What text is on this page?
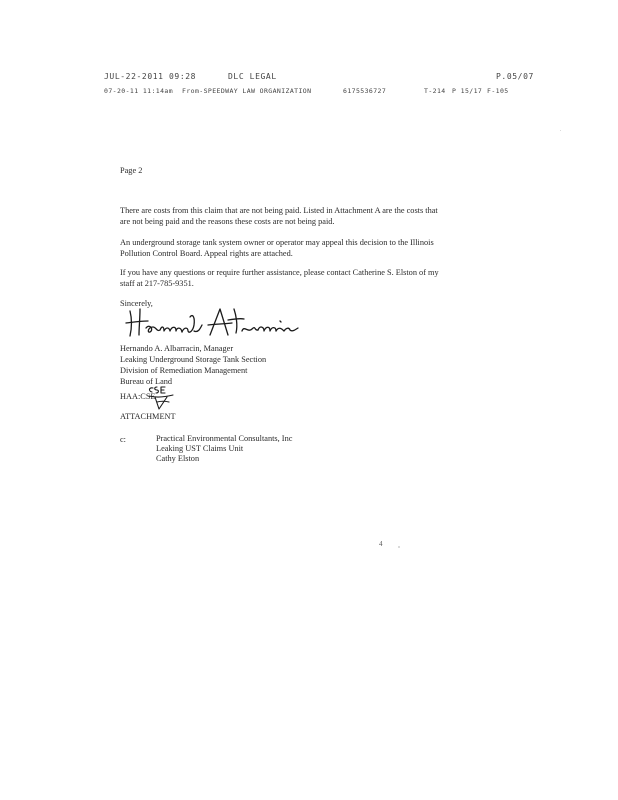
JUL-22-2011 09:28	DLC LEGAL	P.05/07
07-20-11 11:14am From-SPEEDWAY LAW ORGANIZATION	6175536727	T-214 P 15/17 F-105
Page 2
There are costs from this claim that are not being paid. Listed in Attachment A are the costs that
are not being paid and the reasons these costs are not being paid.
An underground storage tank system owner or operator may appeal this decision to the Illinois
Pollution Control Board. Appeal rights are attached.
If you have any questions or require further assistance, please contact Catherine S. Elston of my
staff at 217-785-9351.
Sincerely,
Hernando A. Albarracin, Manager
Leaking Underground Storage Tank Section
Division of Remediation Management
Bureau of Land
HAA:CSE
ATTACHMENT
c:	Practical Environmental Consultants, Inc
Leaking UST Claims Unit
Cathy Elston
4
